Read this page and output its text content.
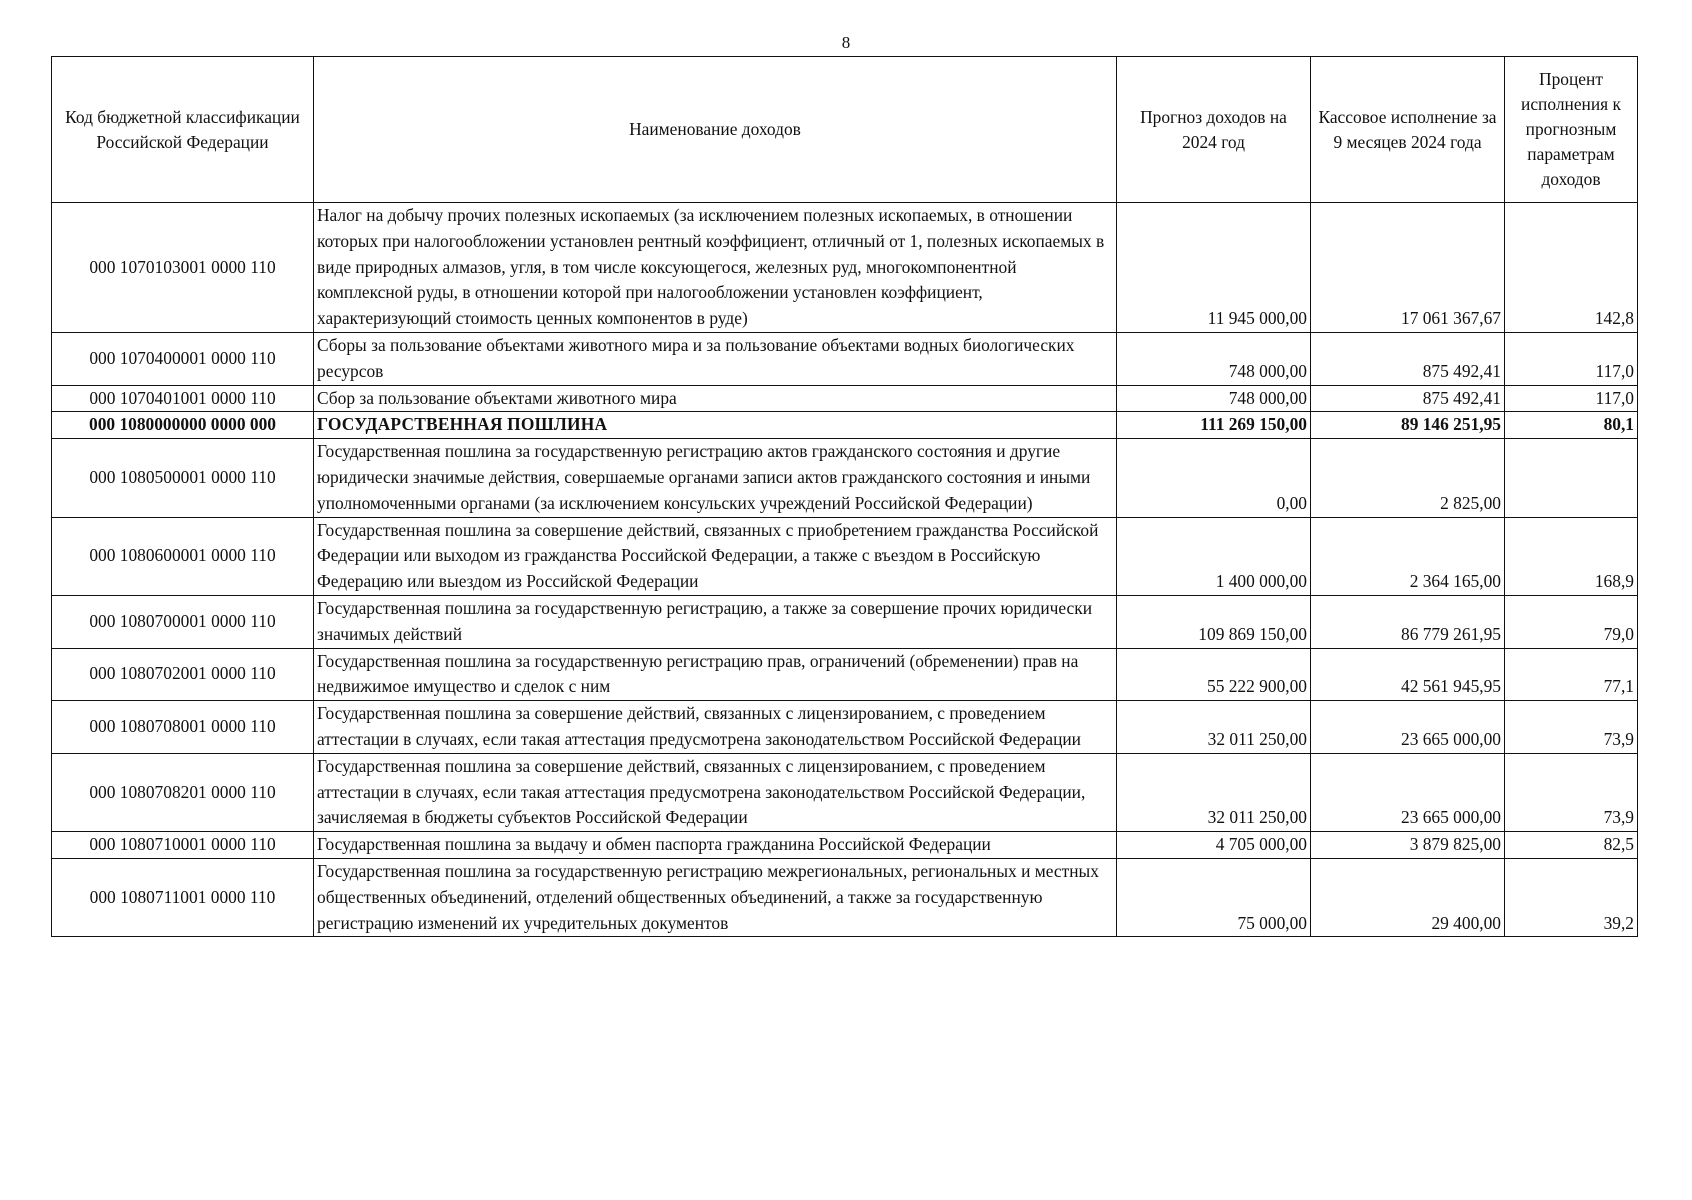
8
Код бюджетной классификации Российской Федерации	Наименование доходов	Прогноз доходов на 2024 год	Кассовое исполнение за 9 месяцев 2024 года	Процент исполнения к прогнозным параметрам доходов
000 1070103001 0000 110	Налог на добычу прочих полезных ископаемых (за исключением полезных ископаемых, в отношении которых при налогообложении установлен рентный коэффициент, отличный от 1, полезных ископаемых в виде природных алмазов, угля, в том числе коксующегося, железных руд, многокомпонентной комплексной руды, в отношении которой при налогообложении установлен коэффициент, характеризующий стоимость ценных компонентов в руде)	11 945 000,00	17 061 367,67	142,8
000 1070400001 0000 110	Сборы за пользование объектами животного мира и за пользование объектами водных биологических ресурсов	748 000,00	875 492,41	117,0
000 1070401001 0000 110	Сбор за пользование объектами животного мира	748 000,00	875 492,41	117,0
000 1080000000 0000 000	ГОСУДАРСТВЕННАЯ ПОШЛИНА	111 269 150,00	89 146 251,95	80,1
000 1080500001 0000 110	Государственная пошлина за государственную регистрацию актов гражданского состояния и другие юридически значимые действия, совершаемые органами записи актов гражданского состояния и иными уполномоченными органами (за исключением консульских учреждений Российской Федерации)	0,00	2 825,00	
000 1080600001 0000 110	Государственная пошлина за совершение действий, связанных с приобретением гражданства Российской Федерации или выходом из гражданства Российской Федерации, а также с въездом в Российскую Федерацию или выездом из Российской Федерации	1 400 000,00	2 364 165,00	168,9
000 1080700001 0000 110	Государственная пошлина за государственную регистрацию, а также за совершение прочих юридически значимых действий	109 869 150,00	86 779 261,95	79,0
000 1080702001 0000 110	Государственная пошлина за государственную регистрацию прав, ограничений (обременении) прав на недвижимое имущество и сделок с ним	55 222 900,00	42 561 945,95	77,1
000 1080708001 0000 110	Государственная пошлина за совершение действий, связанных с лицензированием, с проведением аттестации в случаях, если такая аттестация предусмотрена законодательством Российской Федерации	32 011 250,00	23 665 000,00	73,9
000 1080708201 0000 110	Государственная пошлина за совершение действий, связанных с лицензированием, с проведением аттестации в случаях, если такая аттестация предусмотрена законодательством Российской Федерации, зачисляемая в бюджеты субъектов Российской Федерации	32 011 250,00	23 665 000,00	73,9
000 1080710001 0000 110	Государственная пошлина за выдачу и обмен паспорта гражданина Российской Федерации	4 705 000,00	3 879 825,00	82,5
000 1080711001 0000 110	Государственная пошлина за государственную регистрацию межрегиональных, региональных и местных общественных объединений, отделений общественных объединений, а также за государственную регистрацию изменений их учредительных документов	75 000,00	29 400,00	39,2
